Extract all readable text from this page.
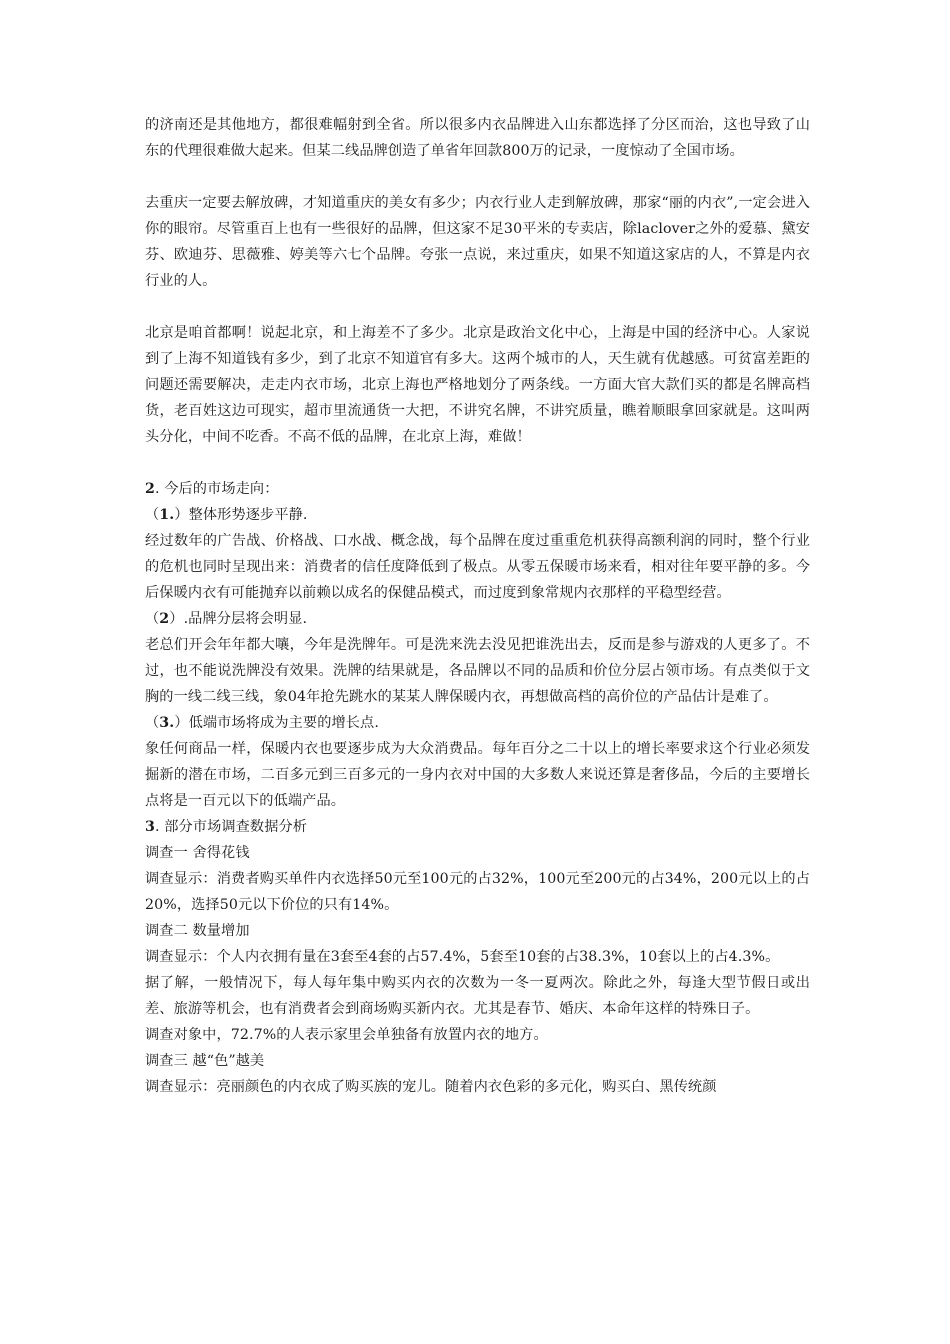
的济南还是其他地方，都很难幅射到全省。所以很多内衣品牌进入山东都选择了分区而治，这也导致了山东的代理很难做大起来。但某二线品牌创造了单省年回款800万的记录，一度惊动了全国市场。

去重庆一定要去解放碑，才知道重庆的美女有多少；内衣行业人走到解放碑，那家“丽的内衣”,一定会进入你的眼帘。尽管重百上也有一些很好的品牌，但这家不足30平米的专卖店，除laclover之外的爱慕、黛安芬、欧迪芬、思薇雅、婷美等六七个品牌。夸张一点说，来过重庆，如果不知道这家店的人，不算是内衣行业的人。

北京是咱首都啊！说起北京，和上海差不了多少。北京是政治文化中心，上海是中国的经济中心。人家说到了上海不知道钱有多少，到了北京不知道官有多大。这两个城市的人，天生就有优越感。可贫富差距的问题还需要解决，走走内衣市场，北京上海也严格地划分了两条线。一方面大官大款们买的都是名牌高档货，老百姓这边可现实，超市里流通货一大把，不讲究名牌，不讲究质量，瞧着顺眼拿回家就是。这叫两头分化，中间不吃香。不高不低的品牌，在北京上海，难做！

2. 今后的市场走向：

（1.）整体形势逐步平静.

经过数年的广告战、价格战、口水战、概念战，每个品牌在度过重重危机获得高额利润的同时，整个行业的危机也同时呈现出来：消费者的信任度降低到了极点。从零五保暖市场来看，相对往年要平静的多。今后保暖内衣有可能抛弃以前赖以成名的保健品模式，而过度到象常规内衣那样的平稳型经营。

（2）.品牌分层将会明显.

老总们开会年年都大嚷，今年是洗牌年。可是洗来洗去没见把谁洗出去，反而是参与游戏的人更多了。不过，也不能说洗牌没有效果。洗牌的结果就是，各品牌以不同的品质和价位分层占领市场。有点类似于文胸的一线二线三线，象04年抢先跳水的某某人牌保暖内衣，再想做高档的高价位的产品估计是难了。

（3.）低端市场将成为主要的增长点.

象任何商品一样，保暖内衣也要逐步成为大众消费品。每年百分之二十以上的增长率要求这个行业必须发掘新的潜在市场，二百多元到三百多元的一身内衣对中国的大多数人来说还算是奢侈品，今后的主要增长点将是一百元以下的低端产品。

3. 部分市场调查数据分析

调查一 舍得花钱

调查显示：消费者购买单件内衣选择50元至100元的占32%，100元至200元的占34%，200元以上的占20%，选择50元以下价位的只有14%。

调查二 数量增加

调查显示：个人内衣拥有量在3套至4套的占57.4%，5套至10套的占38.3%，10套以上的占4.3%。

据了解，一般情况下，每人每年集中购买内衣的次数为一冬一夏两次。除此之外，每逢大型节假日或出差、旅游等机会，也有消费者会到商场购买新内衣。尤其是春节、婚庆、本命年这样的特殊日子。

调查对象中，72.7%的人表示家里会单独备有放置内衣的地方。

调查三 越“色”越美

调查显示：亮丽颜色的内衣成了购买族的宠儿。随着内衣色彩的多元化，购买白、黑传统颜
